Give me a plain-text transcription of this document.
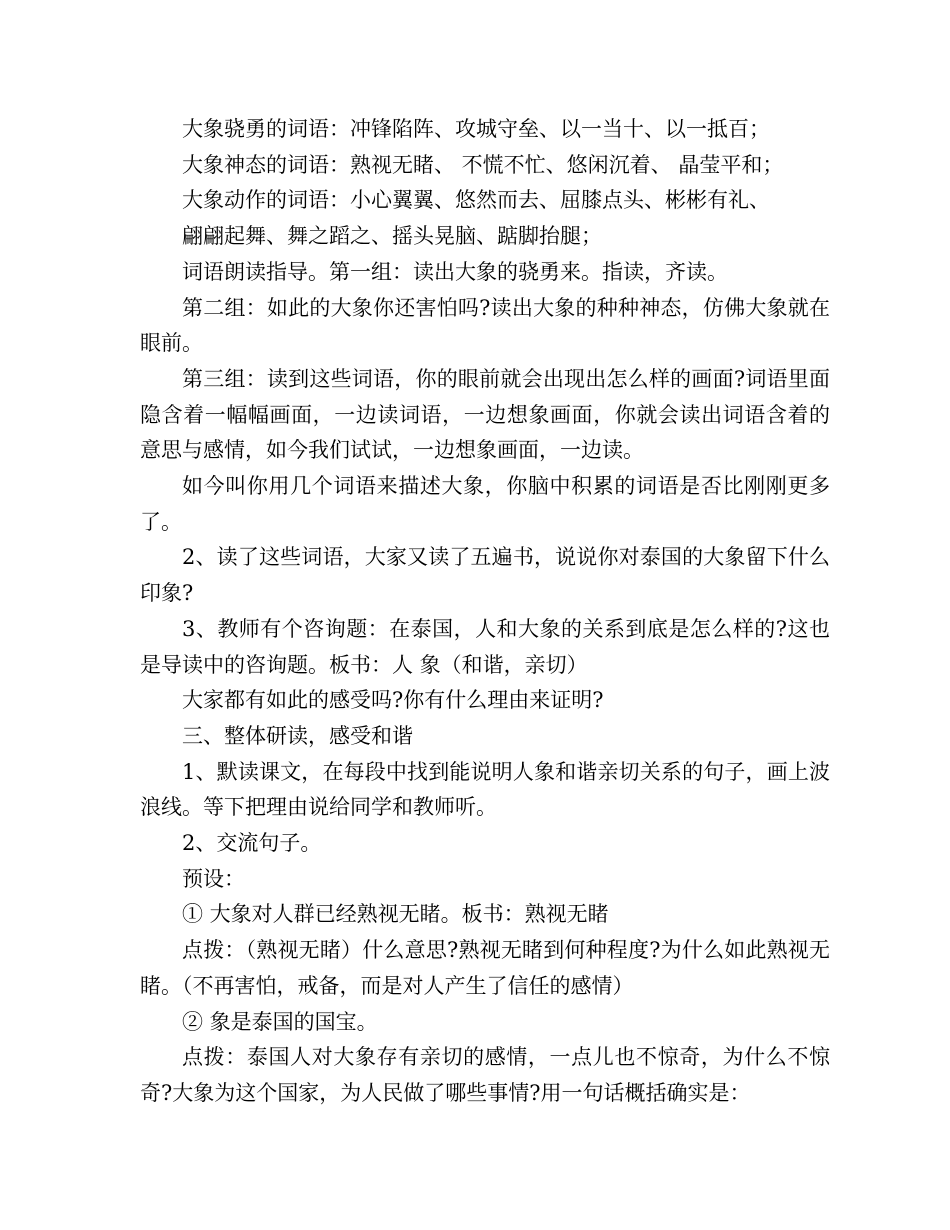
大象骁勇的词语：冲锋陷阵、攻城守垒、以一当十、以一抵百；

大象神态的词语：熟视无睹、 不慌不忙、悠闲沉着、 晶莹平和；

大象动作的词语：小心翼翼、悠然而去、屈膝点头、彬彬有礼、

翩翩起舞、舞之蹈之、摇头晃脑、踮脚抬腿；

词语朗读指导。第一组：读出大象的骁勇来。指读，齐读。

第二组：如此的大象你还害怕吗?读出大象的种种神态，仿佛大象就在眼前。

第三组：读到这些词语，你的眼前就会出现出怎么样的画面?词语里面隐含着一幅幅画面，一边读词语，一边想象画面，你就会读出词语含着的意思与感情，如今我们试试，一边想象画面，一边读。

如今叫你用几个词语来描述大象，你脑中积累的词语是否比刚刚更多了。

2、读了这些词语，大家又读了五遍书，说说你对泰国的大象留下什么印象?

3、教师有个咨询题：在泰国，人和大象的关系到底是怎么样的?这也是导读中的咨询题。板书：人 象（和谐，亲切）

大家都有如此的感受吗?你有什么理由来证明?

三、整体研读，感受和谐

1、默读课文，在每段中找到能说明人象和谐亲切关系的句子，画上波浪线。等下把理由说给同学和教师听。

2、交流句子。

预设：

① 大象对人群已经熟视无睹。板书：熟视无睹

点拨：（熟视无睹）什么意思?熟视无睹到何种程度?为什么如此熟视无睹。（不再害怕，戒备，而是对人产生了信任的感情）

② 象是泰国的国宝。

点拨：泰国人对大象存有亲切的感情，一点儿也不惊奇，为什么不惊奇?大象为这个国家，为人民做了哪些事情?用一句话概括确实是：
